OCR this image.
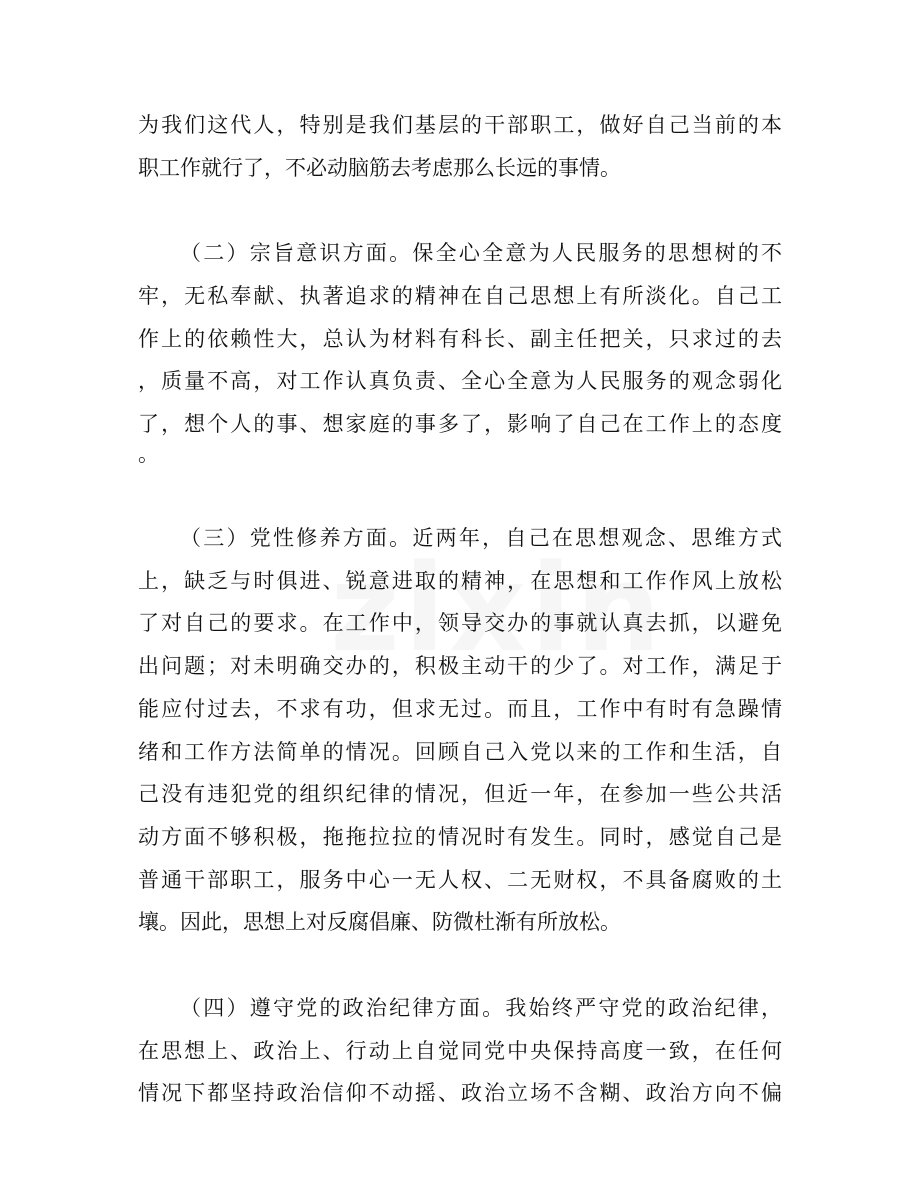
为我们这代人，特别是我们基层的干部职工，做好自己当前的本
职工作就行了，不必动脑筋去考虑那么长远的事情。
（二）宗旨意识方面。保全心全意为人民服务的思想树的不
牢，无私奉献、执著追求的精神在自己思想上有所淡化。自己工
作上的依赖性大，总认为材料有科长、副主任把关，只求过的去
，质量不高，对工作认真负责、全心全意为人民服务的观念弱化
了，想个人的事、想家庭的事多了，影响了自己在工作上的态度
。
（三）党性修养方面。近两年，自己在思想观念、思维方式
上，缺乏与时俱进、锐意进取的精神，在思想和工作作风上放松
了对自己的要求。在工作中，领导交办的事就认真去抓，以避免
出问题；对未明确交办的，积极主动干的少了。对工作，满足于
能应付过去，不求有功，但求无过。而且，工作中有时有急躁情
绪和工作方法简单的情况。回顾自己入党以来的工作和生活，自
己没有违犯党的组织纪律的情况，但近一年，在参加一些公共活
动方面不够积极，拖拖拉拉的情况时有发生。同时，感觉自己是
普通干部职工，服务中心一无人权、二无财权，不具备腐败的土
壤。因此，思想上对反腐倡廉、防微杜渐有所放松。
（四）遵守党的政治纪律方面。我始终严守党的政治纪律，
在思想上、政治上、行动上自觉同党中央保持高度一致，在任何
情况下都坚持政治信仰不动摇、政治立场不含糊、政治方向不偏
